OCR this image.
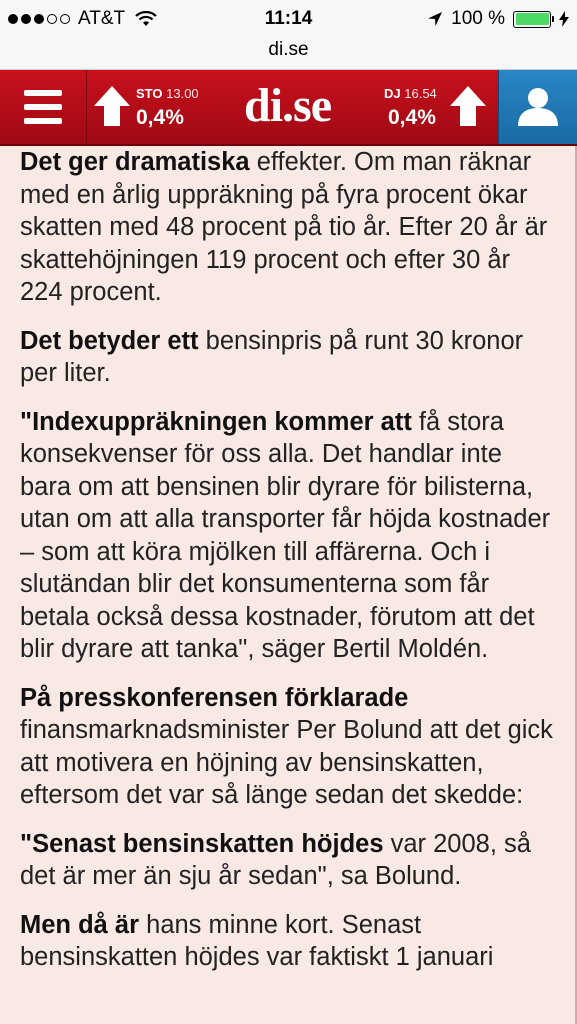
AT&T	11:14	100 %
di.se
STO 13.00
0,4% di.se	DJ 16.54
0,4%

Det ger dramatiska effekter. Om man räknar med en årlig uppräkning på fyra procent ökar skatten med 48 procent på tio år. Efter 20 år är skattehöjningen 119 procent och efter 30 år 224 procent.

Det betyder ett bensinpris på runt 30 kronor per liter.

"Indexuppräkningen kommer att få stora konsekvenser för oss alla. Det handlar inte bara om att bensinen blir dyrare för bilisterna, utan om att alla transporter får höjda kostnader – som att köra mjölken till affärerna. Och i slutändan blir det konsumenterna som får betala också dessa kostnader, förutom att det blir dyrare att tanka", säger Bertil Moldén.

På presskonferensen förklarade finansmarknadsminister Per Bolund att det gick att motivera en höjning av bensinskatten, eftersom det var så länge sedan det skedde:

"Senast bensinskatten höjdes var 2008, så det är mer än sju år sedan", sa Bolund.

Men då är hans minne kort. Senast bensinskatten höjdes var faktiskt 1 januari
